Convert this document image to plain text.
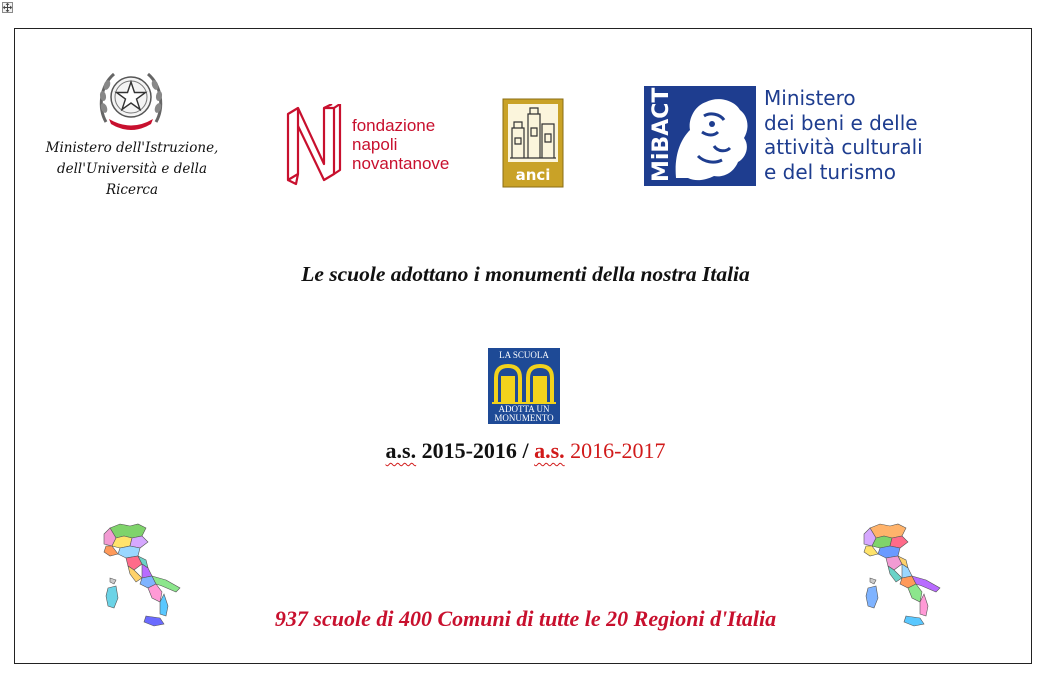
Ministero dell'Istruzione,
dell'Università e della Ricerca
fondazione
napoli
novantanove
anci	MiBACT	Ministero
dei beni e delle
attività culturali
e del turismo
Le scuole adottano i monumenti della nostra Italia
LA SCUOLA
ADOTTA UN
MONUMENTO
a.s. 2015-2016 / a.s. 2016-2017
937 scuole di 400 Comuni di tutte le 20 Regioni d'Italia
